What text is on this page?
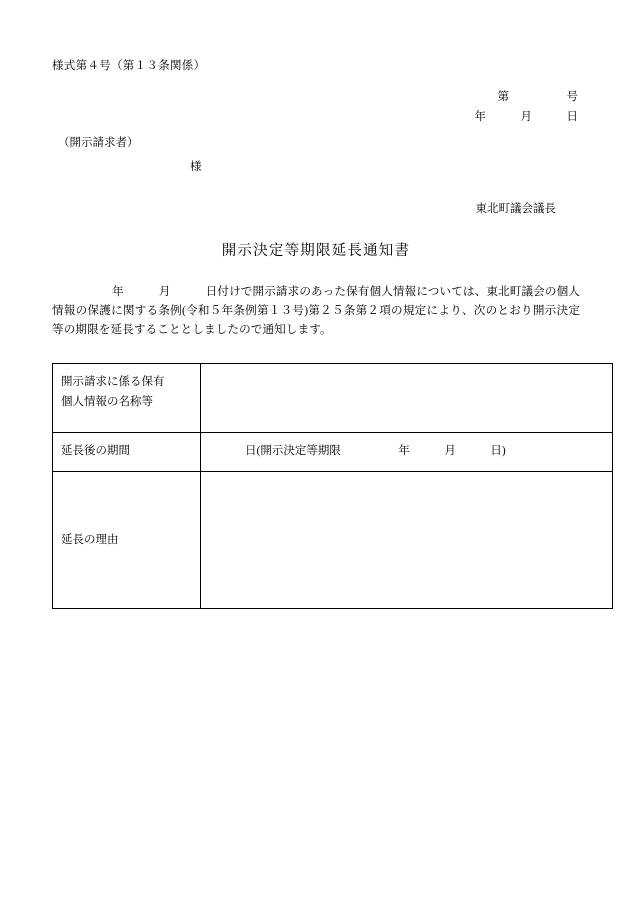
様式第４号（第１３条関係）
第　　　　　号
年　　　月　　　日
（開示請求者）
様
東北町議会議長
開示決定等期限延長通知書
年　　　月　　　日付けで開示請求のあった保有個人情報については、東北町議会の個人情報の保護に関する条例(令和５年条例第１３号)第２５条第２項の規定により、次のとおり開示決定等の期限を延長することとしましたので通知します。
開示請求に係る保有
個人情報の名称等	

延長後の期間	日(開示決定等期限　　　　　年　　　月　　　日)

延長の理由	
